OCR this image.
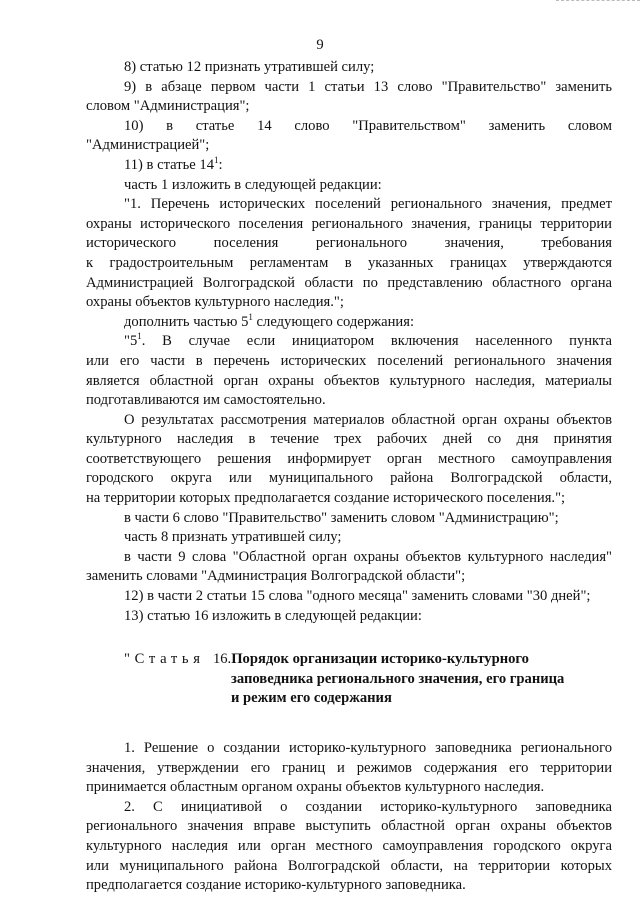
9

8) статью 12 признать утратившей силу;

9) в абзаце первом части 1 статьи 13 слово "Правительство" заменить

словом "Администрация";

10) в статье 14 слово "Правительством" заменить словом

"Администрацией";

11) в статье $14^1$:

часть 1 изложить в следующей редакции:

"1. Перечень исторических поселений регионального значения, предмет

охраны исторического поселения регионального значения, границы территории

исторического поселения регионального значения, требования

к градостроительным регламентам в указанных границах утверждаются

Администрацией Волгоградской области по представлению областного органа

охраны объектов культурного наследия.";

дополнить частью $5^1$ следующего содержания:

"$5^1$. В случае если инициатором включения населенного пункта

или его части в перечень исторических поселений регионального значения

является областной орган охраны объектов культурного наследия, материалы

подготавливаются им самостоятельно.

О результатах рассмотрения материалов областной орган охраны объектов

культурного наследия в течение трех рабочих дней со дня принятия

соответствующего решения информирует орган местного самоуправления

городского округа или муниципального района Волгоградской области,

на территории которых предполагается создание исторического поселения.";

в части 6 слово "Правительство" заменить словом "Администрацию";

часть 8 признать утратившей силу;

в части 9 слова "Областной орган охраны объектов культурного наследия"

заменить словами "Администрация Волгоградской области";

12) в части 2 статьи 15 слова "одного месяца" заменить словами "30 дней";

13) статью 16 изложить в следующей редакции:

"Статья 16. Порядок организации историко-культурного
заповедника регионального значения, его граница
и режим его содержания

1. Решение о создании историко-культурного заповедника регионального

значения, утверждении его границ и режимов содержания его территории

принимается областным органом охраны объектов культурного наследия.

2. С инициативой о создании историко-культурного заповедника

регионального значения вправе выступить областной орган охраны объектов

культурного наследия или орган местного самоуправления городского округа

или муниципального района Волгоградской области, на территории которых

предполагается создание историко-культурного заповедника.
